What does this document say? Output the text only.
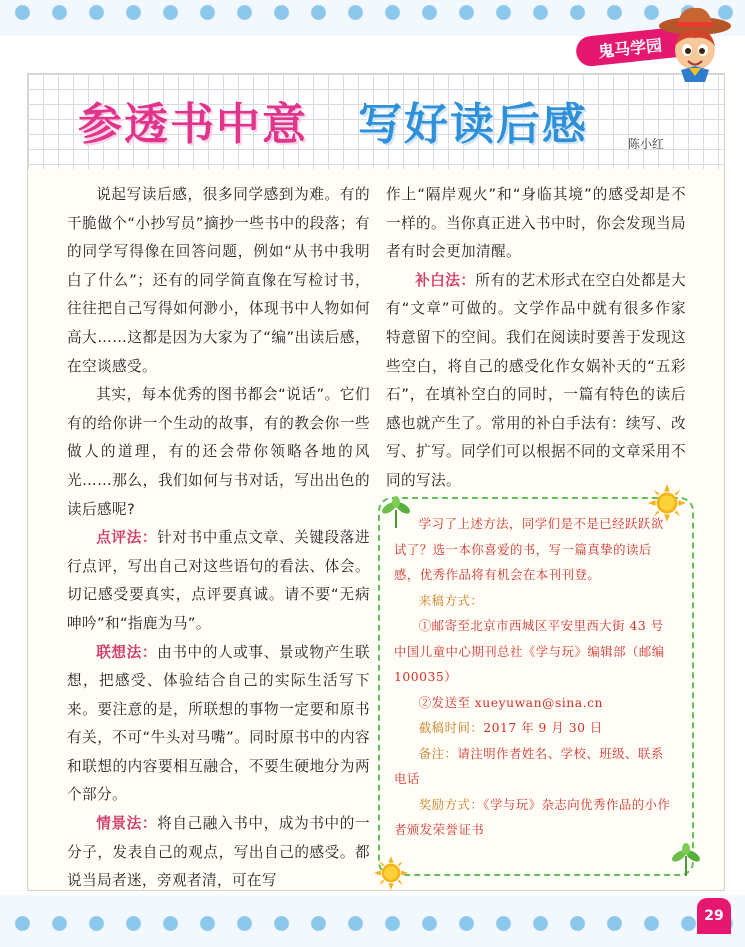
鬼马学园
参透书中意 写好读后感	陈小红

说起写读后感，很多同学感到为难。有的干脆做个“小抄写员”摘抄一些书中的段落；有的同学写得像在回答问题，例如“从书中我明白了什么”；还有的同学简直像在写检讨书，往往把自己写得如何渺小，体现书中人物如何高大……这都是因为大家为了“编”出读后感，在空谈感受。

其实，每本优秀的图书都会“说话”。它们有的给你讲一个生动的故事，有的教会你一些做人的道理，有的还会带你领略各地的风光……那么，我们如何与书对话，写出出色的读后感呢?

点评法：针对书中重点文章、关键段落进行点评，写出自己对这些语句的看法、体会。切记感受要真实，点评要真诚。请不要“无病呻吟”和“指鹿为马”。

联想法：由书中的人或事、景或物产生联想，把感受、体验结合自己的实际生活写下来。要注意的是，所联想的事物一定要和原书有关，不可“牛头对马嘴”。同时原书中的内容和联想的内容要相互融合，不要生硬地分为两个部分。

情景法：将自己融入书中，成为书中的一分子，发表自己的观点，写出自己的感受。都说当局者迷，旁观者清，可在写

作上“隔岸观火”和“身临其境”的感受却是不一样的。当你真正进入书中时，你会发现当局者有时会更加清醒。

补白法：所有的艺术形式在空白处都是大有“文章”可做的。文学作品中就有很多作家特意留下的空间。我们在阅读时要善于发现这些空白，将自己的感受化作女娲补天的“五彩石”，在填补空白的同时，一篇有特色的读后感也就产生了。常用的补白手法有：续写、改写、扩写。同学们可以根据不同的文章采用不同的写法。

学习了上述方法，同学们是不是已经跃跃欲试了？选一本你喜爱的书，写一篇真挚的读后感，优秀作品将有机会在本刊刊登。

来稿方式：

①邮寄至北京市西城区平安里西大街 43 号中国儿童中心期刊总社《学与玩》编辑部（邮编 100035）

②发送至 xueyuwan@sina.cn

截稿时间：2017 年 9 月 30 日

备注：请注明作者姓名、学校、班级、联系电话

奖励方式：《学与玩》杂志向优秀作品的小作者颁发荣誉证书

29
